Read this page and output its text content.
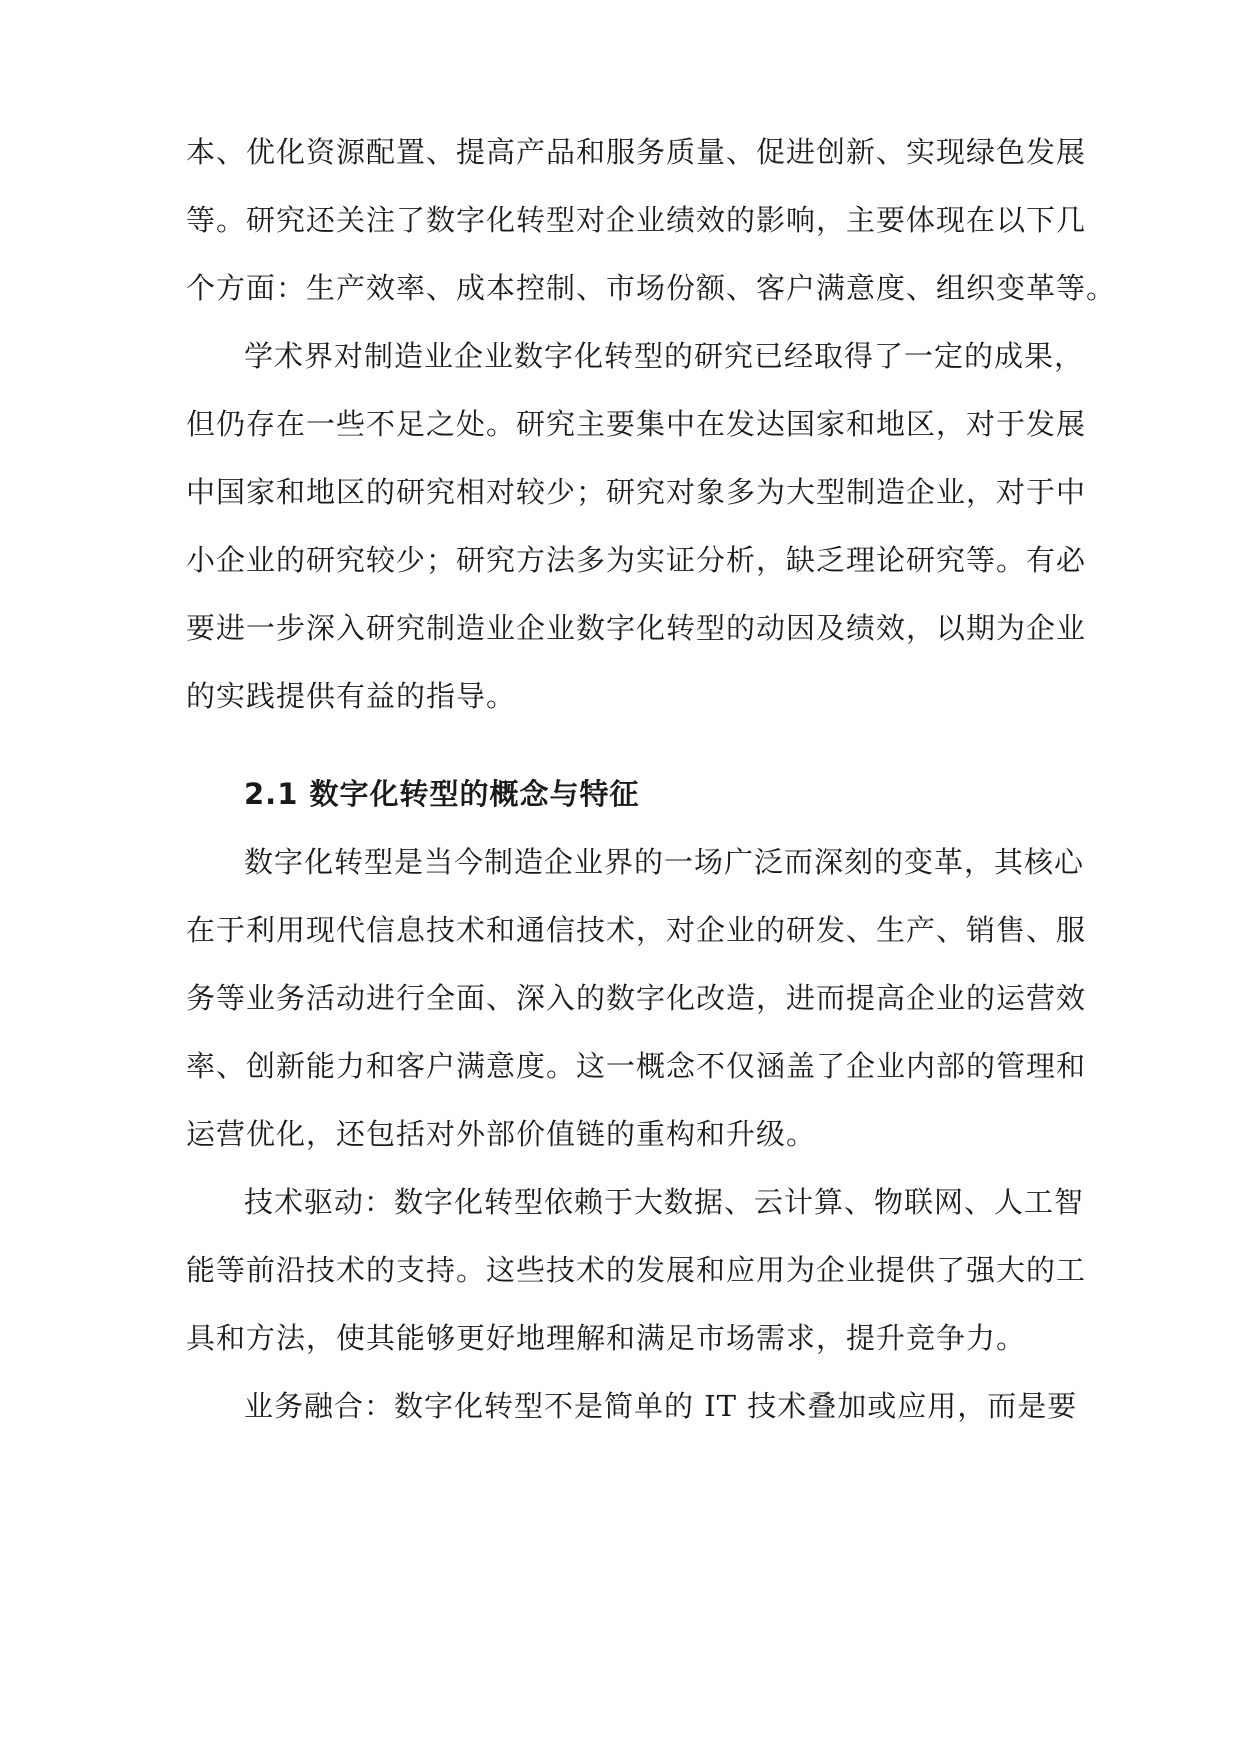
本、优化资源配置、提高产品和服务质量、促进创新、实现绿色发展
等。研究还关注了数字化转型对企业绩效的影响，主要体现在以下几
个方面：生产效率、成本控制、市场份额、客户满意度、组织变革等。
学术界对制造业企业数字化转型的研究已经取得了一定的成果，
但仍存在一些不足之处。研究主要集中在发达国家和地区，对于发展
中国家和地区的研究相对较少；研究对象多为大型制造企业，对于中
小企业的研究较少；研究方法多为实证分析，缺乏理论研究等。有必
要进一步深入研究制造业企业数字化转型的动因及绩效，以期为企业
的实践提供有益的指导。
2.1 数字化转型的概念与特征
数字化转型是当今制造企业界的一场广泛而深刻的变革，其核心
在于利用现代信息技术和通信技术，对企业的研发、生产、销售、服
务等业务活动进行全面、深入的数字化改造，进而提高企业的运营效
率、创新能力和客户满意度。这一概念不仅涵盖了企业内部的管理和
运营优化，还包括对外部价值链的重构和升级。
技术驱动：数字化转型依赖于大数据、云计算、物联网、人工智
能等前沿技术的支持。这些技术的发展和应用为企业提供了强大的工
具和方法，使其能够更好地理解和满足市场需求，提升竞争力。
业务融合：数字化转型不是简单的 IT 技术叠加或应用，而是要
